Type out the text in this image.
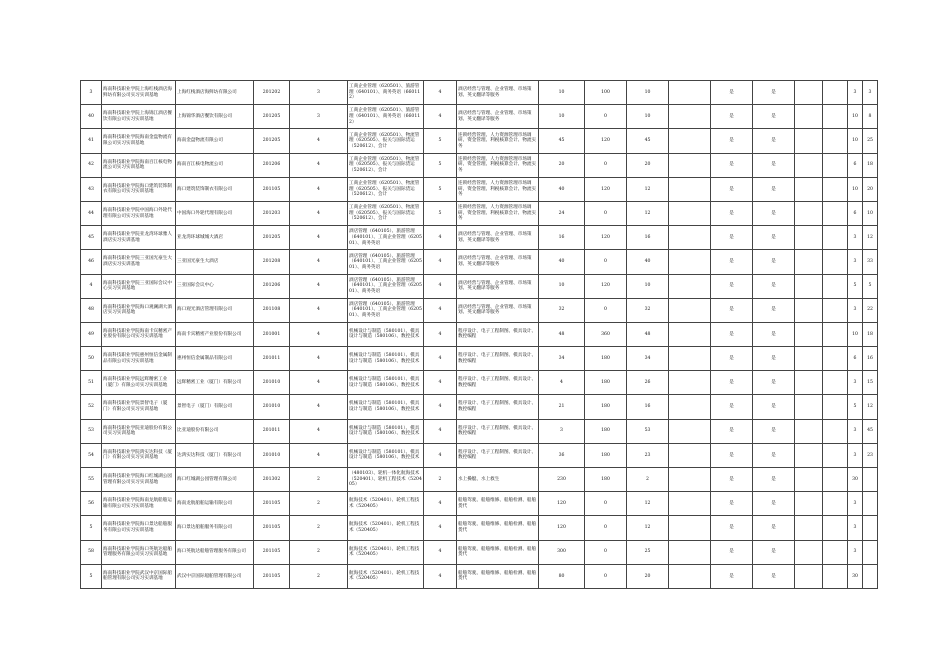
3	海南科技职业学院上海红栈酒店海鲜坊有限公司实习实训基地	上海红栈酒店海鲜坊有限公司	201202	3	工商企业管理（620501）、旅游管理（640101）、商务英语（660112）	4	酒店经营与管理、企业管理、市场策划、英文翻译等服务	10	100	10		是	是			3	3
40	海南科技职业学院上海锦江酒店餐饮有限公司实习实训基地	上海锦华酒店餐饮有限公司	201205	3	工商企业管理（620501）、旅游管理（640101）、商务英语（660112）	4	酒店经营与管理、企业管理、市场策划、英文翻译等服务	10	0	10		是	是			10	8
41	海南科技职业学院海南金盘物流有限公司实习实训基地	海南金盘物流有限公司	201205	4	工商企业管理（620501）、物流管理（620505）、报关与国际货运（520612）、会计	5	连锁经营管理、人力资源管理市场调研、资金管理、利税核算会计、物流实务	45	120	45		是	是			10	25
42	海南科技职业学院海南百江核电物流公司实习实训基地	海南百江核电物流公司	201206	4	工商企业管理（620501）、物流管理（620505）、报关与国际货运（520612）、会计	5	连锁经营管理、人力资源管理市场调研、资金管理、利税核算会计、物流实务	20	0	20		是	是			6	18
43	海南科技职业学院海口建筑装饰制衣有限公司实习实训基地	海口建筑装饰制衣有限公司	201105	4	工商企业管理（620501）、物流管理（620505）、报关与国际货运（520612）、会计	5	连锁经营管理、人力资源管理市场调研、资金管理、利税核算会计、物流实务	40	120	12		是	是			10	20
44	海南科技职业学院中国海口外轮代理有限公司实习实训基地	中国海口外轮代理有限公司	201203	4	工商企业管理（620501）、物流管理（620505）、报关与国际货运（520612）、会计	5	连锁经营管理、人力资源管理市场调研、资金管理、利税核算会计、物流实务	24	0	12		是	是			6	10
45	海南科技职业学院亚龙湾环球雅人酒店实习实训基地	亚龙湾环球城城大酒店	201205	4	酒店管理（640105）、旅游管理（640101）、工商企业管理（620501）、商务英语	4	酒店经营与管理、企业管理、市场策划、英文翻译等服务	16	120	16		是	是			3	12
46	海南科技职业学院三亚国光豪生大酒店实习实训基地	三亚国光豪生大酒店	201208	4	酒店管理（640105）、旅游管理（640101）、工商企业管理（620501）、商务英语	4	酒店经营与管理、企业管理、市场策划、英文翻译等服务	40	0	40		是	是			3	33
4	海南科技职业学院三亚国际会议中心实习实训基地	三亚国际会议中心	201206	4	酒店管理（640105）、旅游管理（640101）、工商企业管理（620501）、商务英语	4	酒店经营与管理、企业管理、市场策划、英文翻译等服务	10	120	10		是	是			5	5
48	海南科技职业学院海口观澜湖大酒店实习实训基地	海口观光酒店管理有限公司	201108	4	酒店管理（640105）、旅游管理（640101）、工商企业管理（620501）、商务英语	4	酒店经营与管理、企业管理、市场策划、英文翻译等服务	32	0	32		是	是			3	22
49	海南科技职业学院海南卡宾精密产业股份有限公司实习实训基地	海南卡宾精密产业股份有限公司	201001	4	机械设计与制造（580101）、模具设计与制造（580106）、数控技术	4	程序设计、电子工程制图、模具设计、数控编程	48	360	48		是	是			10	18
50	海南科技职业学院惠州恒信金属制品有限公司实习实训基地	惠州恒信金属制品有限公司	201011	4	机械设计与制造（580101）、模具设计与制造（580106）、数控技术	4	程序设计、电子工程制图、模具设计、数控编程	34	180	34		是	是			6	16
51	海南科技职业学院远辉精密工业（厦门）有限公司实习实训基地	远辉精密工业（厦门）有限公司	201010	4	机械设计与制造（580101）、模具设计与制造（580106）、数控技术	4	程序设计、电子工程制图、模具设计、数控编程	4	180	26		是	是			3	15
52	海南科技职业学院景智电子（厦门）有限公司实习实训基地	景智电子（厦门）有限公司	201010	4	机械设计与制造（580101）、模具设计与制造（580106）、数控技术	4	程序设计、电子工程制图、模具设计、数控编程	21	180	16		是	是			5	12
53	海南科技职业学院亚迪股份有限公司实习实训基地	比亚迪股份有限公司	201011	4	机械设计与制造（580101）、模具设计与制造（580106）、数控技术	4	程序设计、电子工程制图、模具设计、数控编程	3	180	53		是	是			3	45
54	海南科技职业学院鸿实达科技（厦门）有限公司实习实训基地	达鸿实达科技（厦门）有限公司	201010	4	机械设计与制造（580101）、模具设计与制造（580106）、数控技术	4	程序设计、电子工程制图、模具设计、数控编程	36	180	23		是	是			3	23
55	海南科技职业学院海口红城湖公园管理有限公司实习实训基地	海口红城湖公园管理有限公司	201302	2	（480103）、轮机一体化航海技术（520401）、轮机工程技术（520405）	2	水上操艇、水上救生	230	180	2		是	是			30	
56	海南科技职业学院海南龙航船舶运输有限公司实习实训基地	海南龙航船舶运输有限公司	201105	2	航海技术（520401）、轮机工程技术（520405）	4	船舶驾驶、船舶维修、船舶检测、船舶货代	120	0	12		是	是			3	
5	海南科技职业学院海口景达船舶服务有限公司实习实训基地	海口景达船舶服务有限公司	201105	2	航海技术（520401）、轮机工程技术（520405）	4	船舶驾驶、船舶维修、船舶检测、船舶货代	120	0	12		是	是			3	
58	海南科技职业学院海口英航达船舶管理服务有限公司实习实训基地	海口英航达船舶管理服务有限公司	201105	2	航海技术（520401）、轮机工程技术（520405）	4	船舶驾驶、船舶维修、船舶检测、船舶货代	300	0	25		是	是			3	
5	海南科技职业学院武汉中京国际船舶管理有限公司实习实训基地	武汉中京国际船舶管理有限公司	201105	2	航海技术（520401）、轮机工程技术（520405）	4	船舶驾驶、船舶维修、船舶检测、船舶货代	80	0	20		是	是			30	
